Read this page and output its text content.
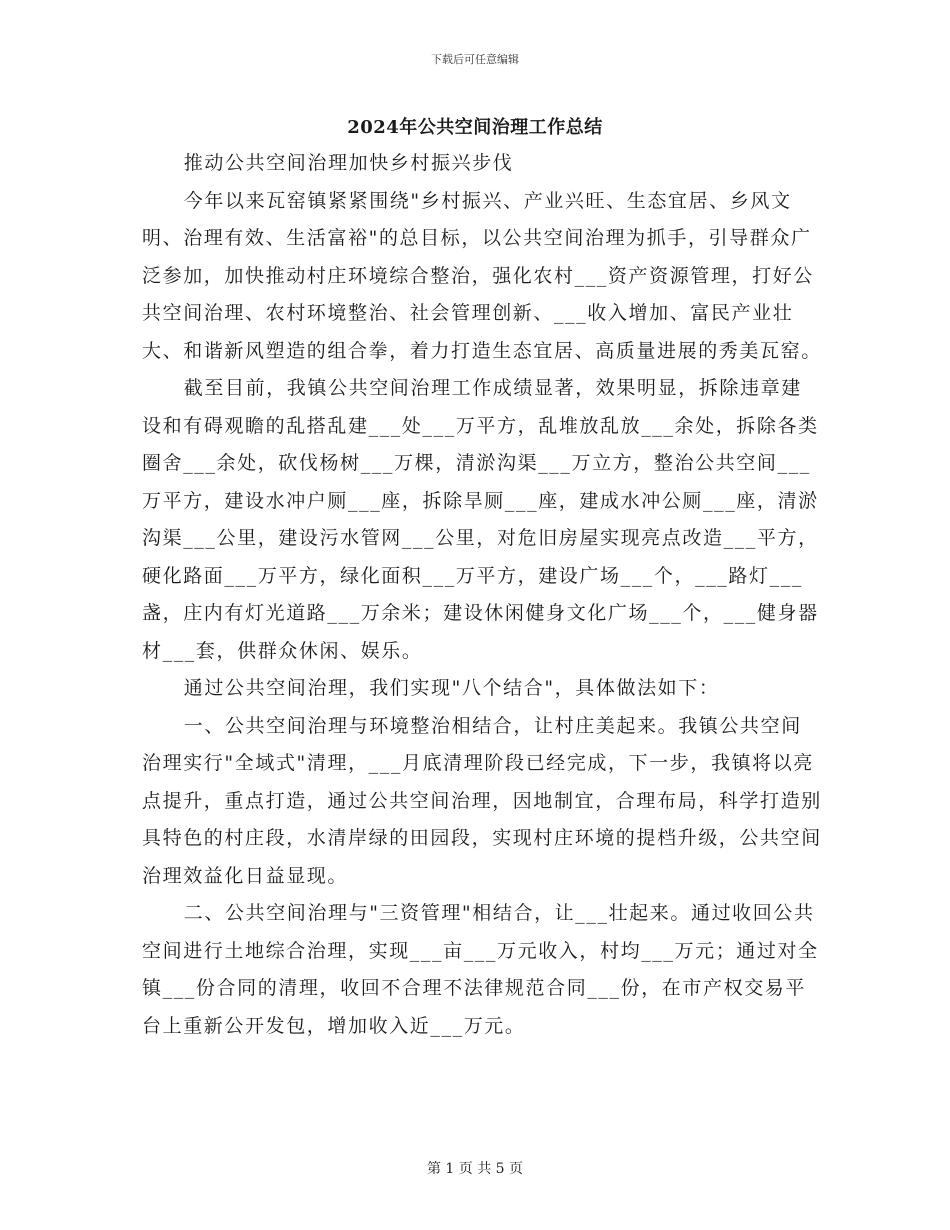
下载后可任意编辑
2024年公共空间治理工作总结

推动公共空间治理加快乡村振兴步伐

今年以来瓦窑镇紧紧围绕"乡村振兴、产业兴旺、生态宜居、乡风文明、治理有效、生活富裕"的总目标，以公共空间治理为抓手，引导群众广泛参加，加快推动村庄环境综合整治，强化农村___资产资源管理，打好公共空间治理、农村环境整治、社会管理创新、___收入增加、富民产业壮大、和谐新风塑造的组合拳，着力打造生态宜居、高质量进展的秀美瓦窑。

截至目前，我镇公共空间治理工作成绩显著，效果明显，拆除违章建设和有碍观瞻的乱搭乱建___处___万平方，乱堆放乱放___余处，拆除各类圈舍___余处，砍伐杨树___万棵，清淤沟渠___万立方，整治公共空间___万平方，建设水冲户厕___座，拆除旱厕___座，建成水冲公厕___座，清淤沟渠___公里，建设污水管网___公里，对危旧房屋实现亮点改造___平方，硬化路面___万平方，绿化面积___万平方，建设广场___个，___路灯___盏，庄内有灯光道路___万余米；建设休闲健身文化广场___个，___健身器材___套，供群众休闲、娱乐。

通过公共空间治理，我们实现"八个结合"，具体做法如下：

一、公共空间治理与环境整治相结合，让村庄美起来。我镇公共空间治理实行"全域式"清理，___月底清理阶段已经完成，下一步，我镇将以亮点提升，重点打造，通过公共空间治理，因地制宜，合理布局，科学打造别具特色的村庄段，水清岸绿的田园段，实现村庄环境的提档升级，公共空间治理效益化日益显现。

二、公共空间治理与"三资管理"相结合，让___壮起来。通过收回公共空间进行土地综合治理，实现___亩___万元收入，村均___万元；通过对全镇___份合同的清理，收回不合理不法律规范合同___份，在市产权交易平台上重新公开发包，增加收入近___万元。

第 1 页 共 5 页
